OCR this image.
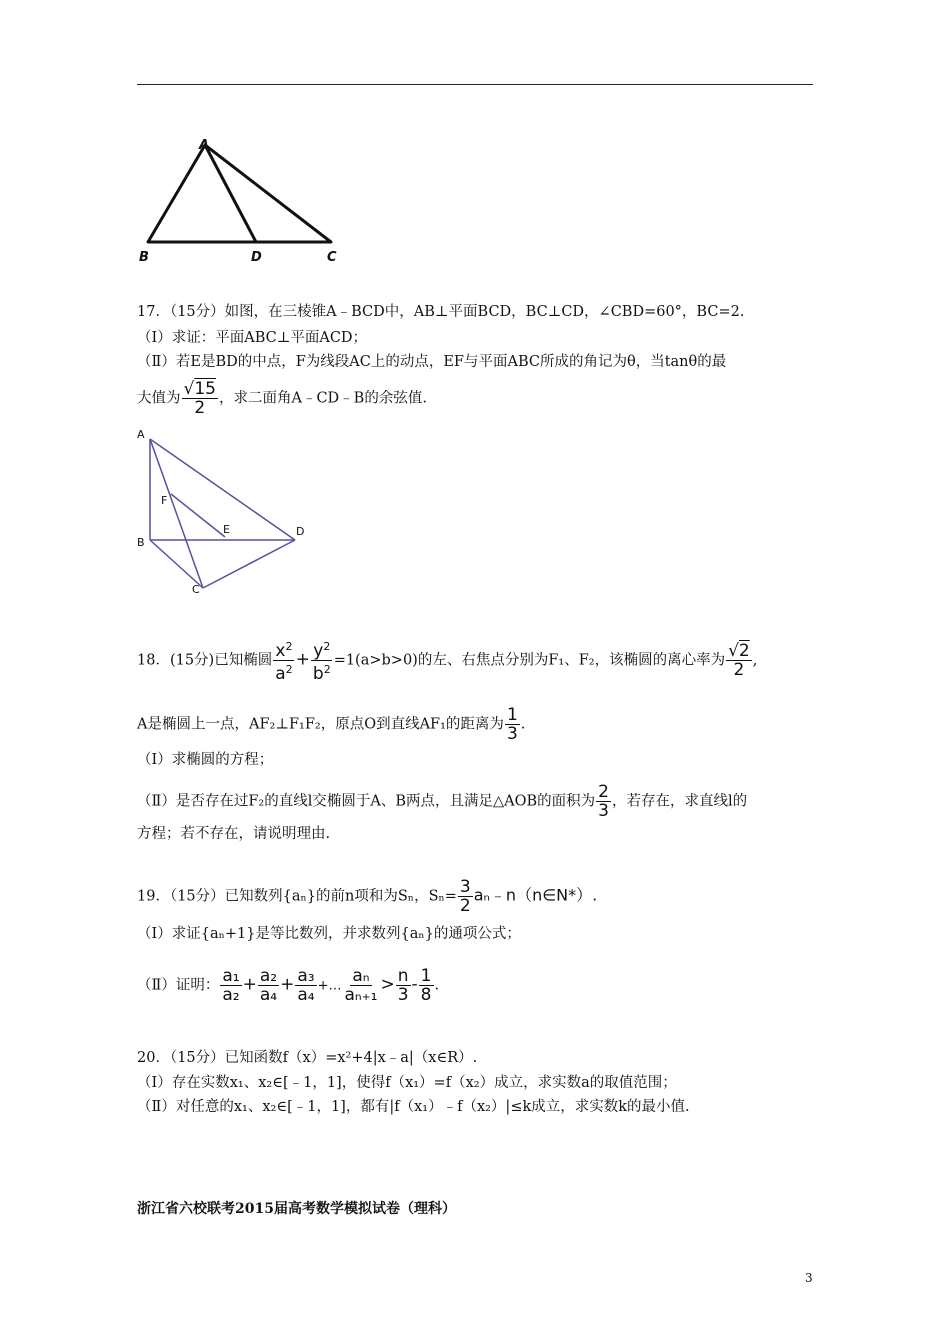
A
B	D	C
17．（15分）如图，在三棱锥A﹣BCD中，AB⊥平面BCD，BC⊥CD，∠CBD=60°，BC=2.
（Ⅰ）求证：平面ABC⊥平面ACD；
（Ⅱ）若E是BD的中点，F为线段AC上的动点，EF与平面ABC所成的角记为θ，当tanθ的最
大值为 $\frac{√15}{2}$ ，求二面角A﹣CD﹣B的余弦值.
A
F
E
B
D
C
18．(15分)已知椭圆 $\frac{x^2}{a^2} + \frac{y^2}{b^2} =1(a>b>0)$的左、右焦点分别为F₁、F₂，该椭圆的离心率为 $\frac{√2}{2}$ ,
A是椭圆上一点，AF₂⊥F₁F₂，原点O到直线AF₁的距离为 $\frac{1}{3}$ .
（Ⅰ）求椭圆的方程；
（Ⅱ）是否存在过F₂的直线l交椭圆于A、B两点，且满足△AOB的面积为 $\frac{2}{3}$ ，若存在，求直线l的
方程；若不存在，请说明理由.
19．（15分）已知数列{aₙ}的前n项和为Sₙ，$S_n= \frac{3}{2}$ aₙ﹣n（n∈N*）.
（Ⅰ）求证{aₙ+1}是等比数列，并求数列{aₙ}的通项公式；
（Ⅱ）证明： $\frac{\text{a₁}}{\text{a₂}} + \frac{\text{a₂}}{\text{a₄}} + \frac{\text{a₃}}{\text{a₄}}$ +… $\frac{\text{aₙ}}{\text{aₙ₊₁}} > \frac{n}{3} - \frac{1}{8}$ .
20．（15分）已知函数f（x）=x²+4|x﹣a|（x∈R）.
（Ⅰ）存在实数x₁、x₂∈[﹣1，1]，使得f（x₁）=f（x₂）成立，求实数a的取值范围；
（Ⅱ）对任意的x₁、x₂∈[﹣1，1]，都有|f（x₁）﹣f（x₂）|≤k成立，求实数k的最小值.
浙江省六校联考2015届高考数学模拟试卷（理科）
3
